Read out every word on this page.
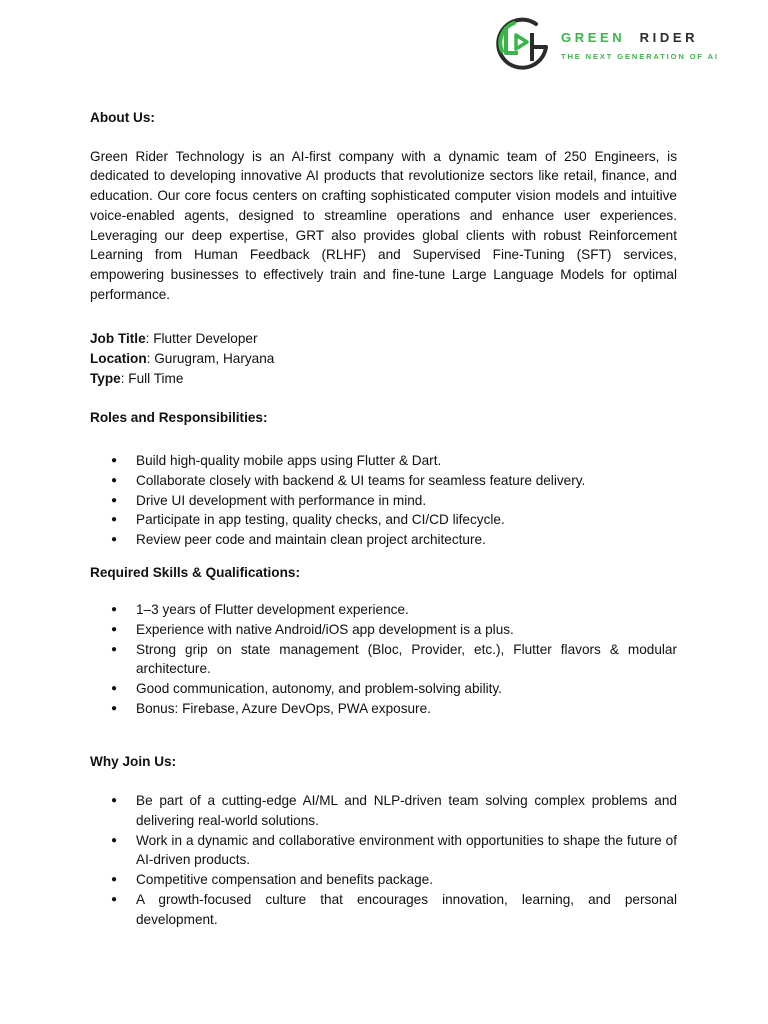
GREEN RIDER
THE NEXT GENERATION OF AI

About Us:

Green Rider Technology is an AI-first company with a dynamic team of 250 Engineers, is dedicated to developing innovative AI products that revolutionize sectors like retail, finance, and education. Our core focus centers on crafting sophisticated computer vision models and intuitive voice-enabled agents, designed to streamline operations and enhance user experiences. Leveraging our deep expertise, GRT also provides global clients with robust Reinforcement Learning from Human Feedback (RLHF) and Supervised Fine-Tuning (SFT) services, empowering businesses to effectively train and fine-tune Large Language Models for optimal performance.

Job Title: Flutter Developer

Location: Gurugram, Haryana

Type: Full Time

Roles and Responsibilities:

● Build high-quality mobile apps using Flutter & Dart.
● Collaborate closely with backend & UI teams for seamless feature delivery.
● Drive UI development with performance in mind.
● Participate in app testing, quality checks, and CI/CD lifecycle.
● Review peer code and maintain clean project architecture.

Required Skills & Qualifications:

● 1–3 years of Flutter development experience.
● Experience with native Android/iOS app development is a plus.
● Strong grip on state management (Bloc, Provider, etc.), Flutter flavors & modular architecture.
● Good communication, autonomy, and problem-solving ability.
● Bonus: Firebase, Azure DevOps, PWA exposure.

Why Join Us:

● Be part of a cutting-edge AI/ML and NLP-driven team solving complex problems and delivering real-world solutions.
● Work in a dynamic and collaborative environment with opportunities to shape the future of AI-driven products.
● Competitive compensation and benefits package.
● A growth-focused culture that encourages innovation, learning, and personal development.
